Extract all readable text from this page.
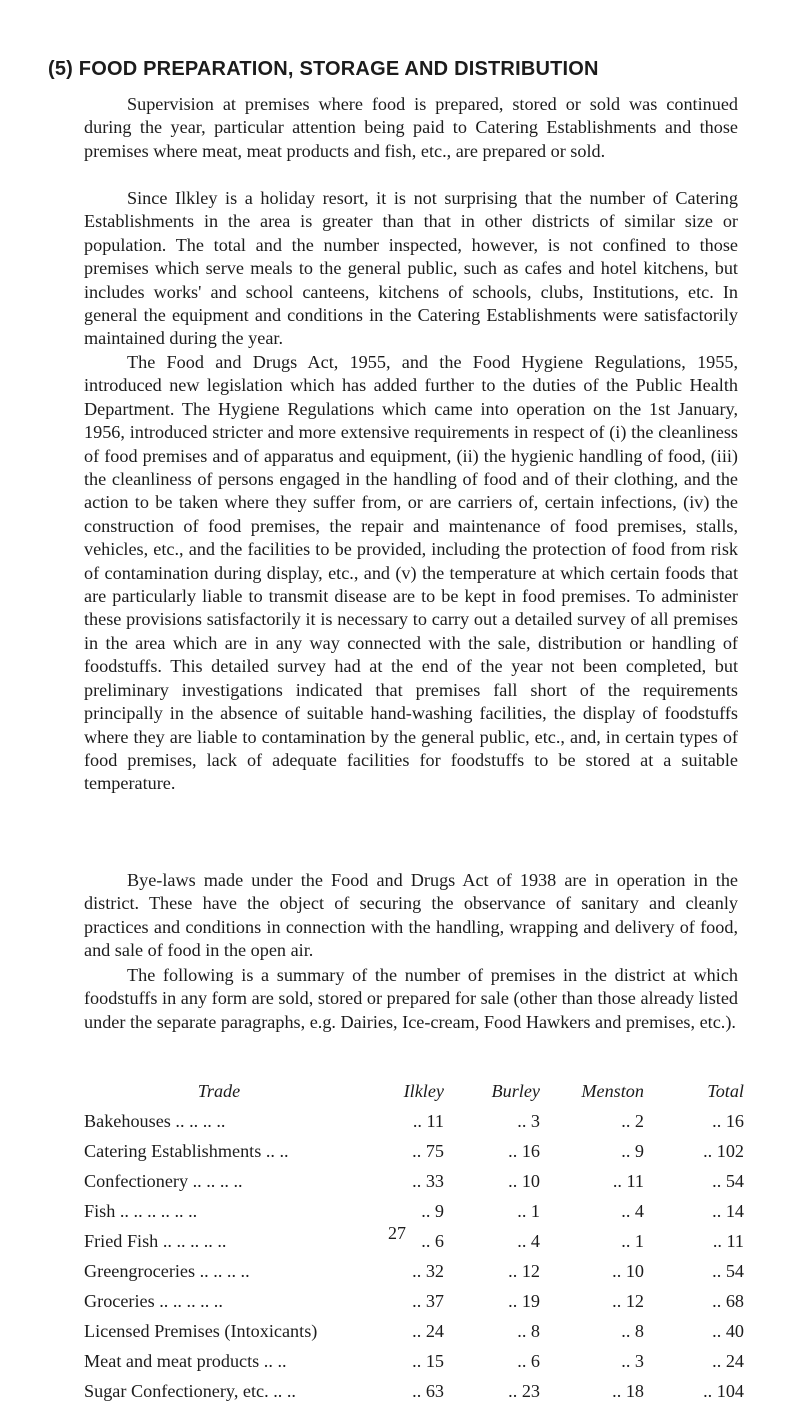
(5) FOOD PREPARATION, STORAGE AND DISTRIBUTION

Supervision at premises where food is prepared, stored or sold was continued during the year, particular attention being paid to Catering Establishments and those premises where meat, meat products and fish, etc., are prepared or sold.

Since Ilkley is a holiday resort, it is not surprising that the number of Catering Establishments in the area is greater than that in other districts of similar size or population. The total and the number inspected, however, is not confined to those premises which serve meals to the general public, such as cafes and hotel kitchens, but includes works' and school canteens, kitchens of schools, clubs, Institutions, etc. In general the equipment and conditions in the Catering Establishments were satisfactorily maintained during the year.

The Food and Drugs Act, 1955, and the Food Hygiene Regulations, 1955, introduced new legislation which has added further to the duties of the Public Health Department. The Hygiene Regulations which came into operation on the 1st January, 1956, introduced stricter and more extensive requirements in respect of (i) the cleanliness of food premises and of apparatus and equipment, (ii) the hygienic handling of food, (iii) the cleanliness of persons engaged in the handling of food and of their clothing, and the action to be taken where they suffer from, or are carriers of, certain infections, (iv) the construction of food premises, the repair and maintenance of food premises, stalls, vehicles, etc., and the facilities to be provided, including the protection of food from risk of contamination during display, etc., and (v) the temperature at which certain foods that are particularly liable to transmit disease are to be kept in food premises. To administer these provisions satisfactorily it is necessary to carry out a detailed survey of all premises in the area which are in any way connected with the sale, distribution or handling of foodstuffs. This detailed survey had at the end of the year not been completed, but preliminary investigations indicated that premises fall short of the requirements principally in the absence of suitable hand-washing facilities, the display of foodstuffs where they are liable to contamination by the general public, etc., and, in certain types of food premises, lack of adequate facilities for foodstuffs to be stored at a suitable temperature.

Bye-laws made under the Food and Drugs Act of 1938 are in operation in the district. These have the object of securing the observance of sanitary and cleanly practices and conditions in connection with the handling, wrapping and delivery of food, and sale of food in the open air.

The following is a summary of the number of premises in the district at which foodstuffs in any form are sold, stored or prepared for sale (other than those already listed under the separate paragraphs, e.g. Dairies, Ice-cream, Food Hawkers and premises, etc.).

Trade	Ilkley	Burley	Menston	Total
Bakehouses .. .. .. ..	.. 11	.. 3	.. 2	.. 16
Catering Establishments .. ..	.. 75	.. 16	.. 9	.. 102
Confectionery .. .. .. ..	.. 33	.. 10	.. 11	.. 54
Fish .. .. .. .. .. ..	.. 9	.. 1	.. 4	.. 14
Fried Fish .. .. .. .. ..	.. 6	.. 4	.. 1	.. 11
Greengroceries .. .. .. ..	.. 32	.. 12	.. 10	.. 54
Groceries .. .. .. .. ..	.. 37	.. 19	.. 12	.. 68
Licensed Premises (Intoxicants)	.. 24	.. 8	.. 8	.. 40
Meat and meat products .. ..	.. 15	.. 6	.. 3	.. 24
Sugar Confectionery, etc. .. ..	.. 63	.. 23	.. 18	.. 104
27
